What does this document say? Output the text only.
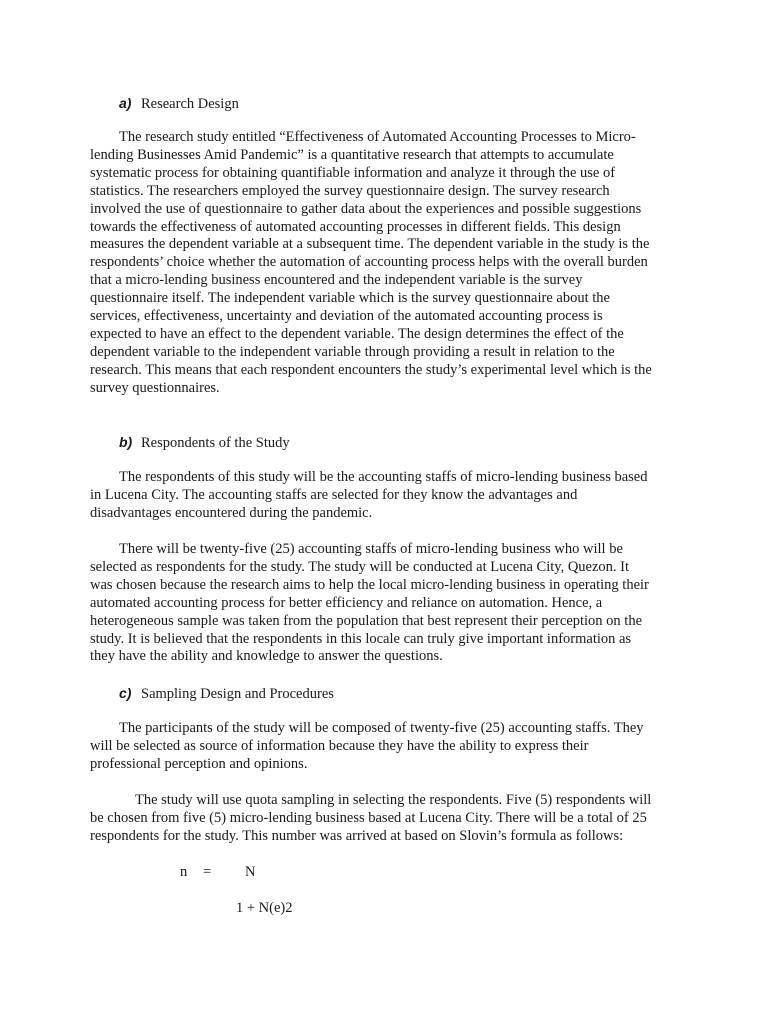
a) Research Design

The research study entitled “Effectiveness of Automated Accounting Processes to Micro-
lending Businesses Amid Pandemic” is a quantitative research that attempts to accumulate
systematic process for obtaining quantifiable information and analyze it through the use of
statistics. The researchers employed the survey questionnaire design. The survey research
involved the use of questionnaire to gather data about the experiences and possible suggestions
towards the effectiveness of automated accounting processes in different fields. This design
measures the dependent variable at a subsequent time. The dependent variable in the study is the
respondents’ choice whether the automation of accounting process helps with the overall burden
that a micro-lending business encountered and the independent variable is the survey
questionnaire itself. The independent variable which is the survey questionnaire about the
services, effectiveness, uncertainty and deviation of the automated accounting process is
expected to have an effect to the dependent variable. The design determines the effect of the
dependent variable to the independent variable through providing a result in relation to the
research. This means that each respondent encounters the study’s experimental level which is the
survey questionnaires.

b) Respondents of the Study

The respondents of this study will be the accounting staffs of micro-lending business based
in Lucena City. The accounting staffs are selected for they know the advantages and
disadvantages encountered during the pandemic.

There will be twenty-five (25) accounting staffs of micro-lending business who will be
selected as respondents for the study. The study will be conducted at Lucena City, Quezon. It
was chosen because the research aims to help the local micro-lending business in operating their
automated accounting process for better efficiency and reliance on automation. Hence, a
heterogeneous sample was taken from the population that best represent their perception on the
study. It is believed that the respondents in this locale can truly give important information as
they have the ability and knowledge to answer the questions.

c) Sampling Design and Procedures

The participants of the study will be composed of twenty-five (25) accounting staffs. They
will be selected as source of information because they have the ability to express their
professional perception and opinions.

The study will use quota sampling in selecting the respondents. Five (5) respondents will
be chosen from five (5) micro-lending business based at Lucena City. There will be a total of 25
respondents for the study. This number was arrived at based on Slovin’s formula as follows:

n = N
1 + N(e)2
